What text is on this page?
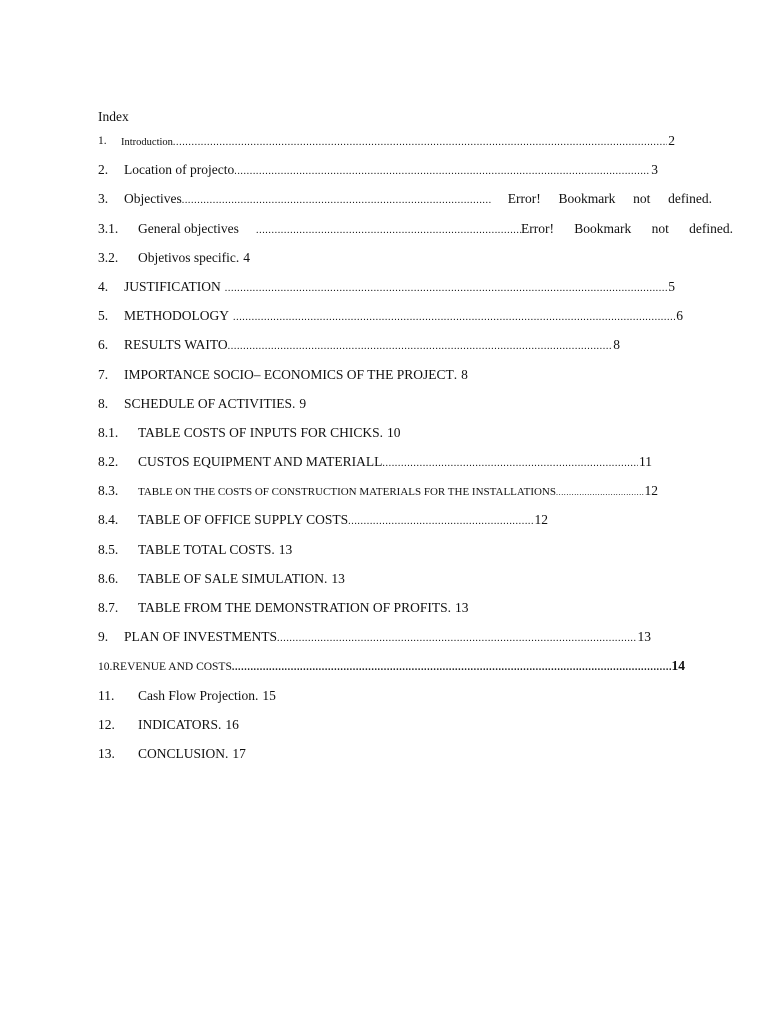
Index
1. Introduction .....	2
2. Location of projecto .....	3
3. Objectives .....	Error! Bookmark not defined.
3.1. General objectives .....	Error! Bookmark not defined.
3.2. Objetivos specific . 4
4. JUSTIFICATION .....	5
5. METHODOLOGY .....	6
6. RESULTS WAITO .....	8
7. IMPORTANCE SOCIO– ECONOMICS OF THE PROJECT . 8
8. SCHEDULE OF ACTIVITIES . 9
8.1. TABLE COSTS OF INPUTS FOR CHICKS . 10
8.2. CUSTOS EQUIPMENT AND MATERIALL .....	11
8.3. TABLE ON THE COSTS OF CONSTRUCTION MATERIALS FOR THE INSTALLATIONS .....	12
8.4. TABLE OF OFFICE SUPPLY COSTS .....	12
8.5. TABLE TOTAL COSTS . 13
8.6. TABLE OF SALE SIMULATION . 13
8.7. TABLE FROM THE DEMONSTRATION OF PROFITS . 13
9. PLAN OF INVESTMENTS .....	13
10. REVENUE AND COSTS .....	14
11. Cash Flow Projection . 15
12. INDICATORS . 16
13. CONCLUSION . 17
